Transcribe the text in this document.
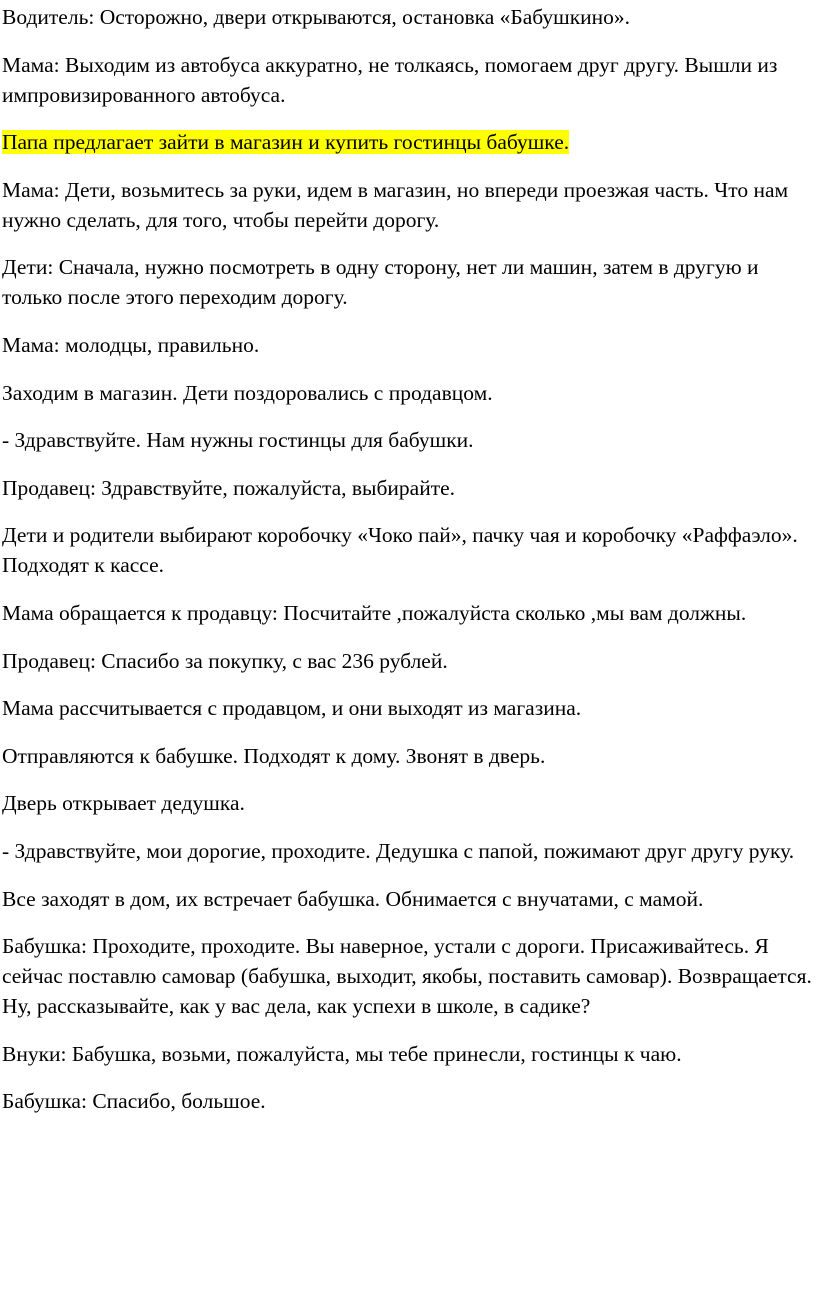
Водитель: Осторожно, двери открываются, остановка «Бабушкино».

Мама: Выходим из автобуса аккуратно, не толкаясь, помогаем друг другу. Вышли из импровизированного автобуса.

Папа предлагает зайти в магазин и купить гостинцы бабушке.

Мама: Дети, возьмитесь за руки, идем в магазин, но впереди проезжая часть. Что нам нужно сделать, для того, чтобы перейти дорогу.

Дети: Сначала, нужно посмотреть в одну сторону, нет ли машин, затем в другую и только после этого переходим дорогу.

Мама: молодцы, правильно.

Заходим в магазин. Дети поздоровались с продавцом.

- Здравствуйте. Нам нужны гостинцы для бабушки.

Продавец: Здравствуйте, пожалуйста, выбирайте.

Дети и родители выбирают коробочку «Чоко пай», пачку чая и коробочку «Раффаэло». Подходят к кассе.

Мама обращается к продавцу: Посчитайте ,пожалуйста сколько ,мы вам должны.

Продавец: Спасибо за покупку, с вас 236 рублей.

Мама рассчитывается с продавцом, и они выходят из магазина.

Отправляются к бабушке. Подходят к дому. Звонят в дверь.

Дверь открывает дедушка.

- Здравствуйте, мои дорогие, проходите. Дедушка с папой, пожимают друг другу руку.

Все заходят в дом, их встречает бабушка. Обнимается с внучатами, с мамой.

Бабушка: Проходите, проходите. Вы наверное, устали с дороги. Присаживайтесь. Я сейчас поставлю самовар (бабушка, выходит, якобы, поставить самовар). Возвращается. Ну, рассказывайте, как у вас дела, как успехи в школе, в садике?

Внуки: Бабушка, возьми, пожалуйста, мы тебе принесли, гостинцы к чаю.

Бабушка: Спасибо, большое.
